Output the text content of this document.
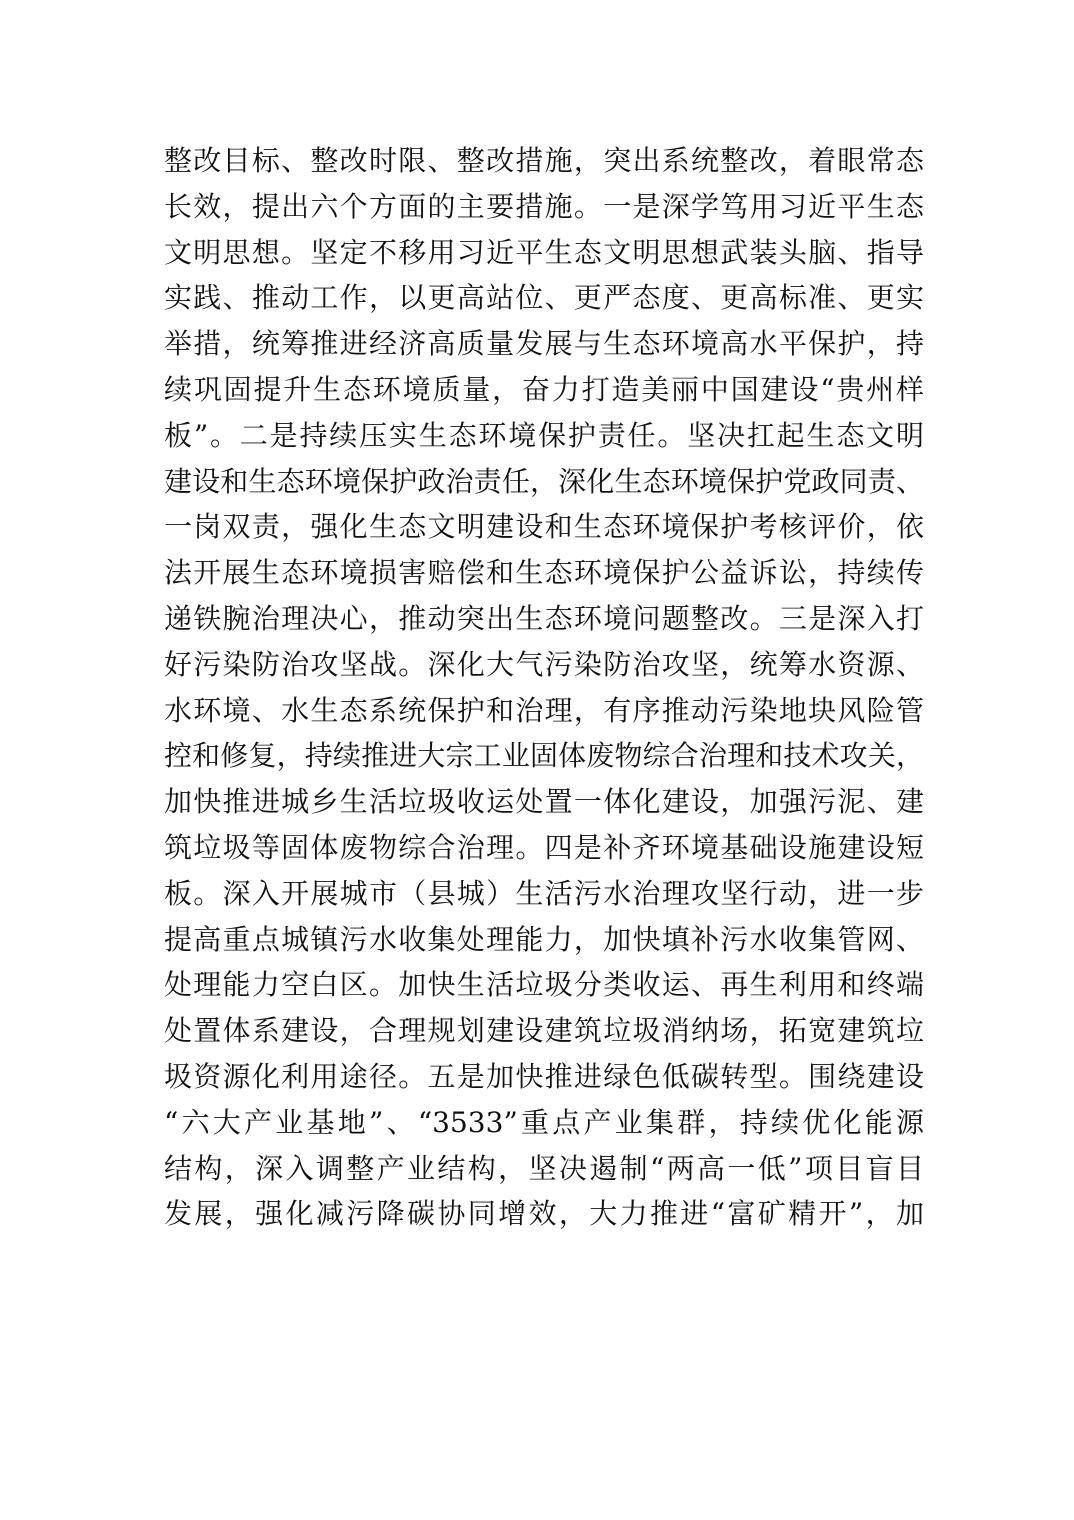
整改目标、整改时限、整改措施，突出系统整改，着眼常态
长效，提出六个方面的主要措施。一是深学笃用习近平生态
文明思想。坚定不移用习近平生态文明思想武装头脑、指导
实践、推动工作，以更高站位、更严态度、更高标准、更实
举措，统筹推进经济高质量发展与生态环境高水平保护，持
续巩固提升生态环境质量，奋力打造美丽中国建设“贵州样
板”。二是持续压实生态环境保护责任。坚决扛起生态文明
建设和生态环境保护政治责任，深化生态环境保护党政同责、
一岗双责，强化生态文明建设和生态环境保护考核评价，依
法开展生态环境损害赔偿和生态环境保护公益诉讼，持续传
递铁腕治理决心，推动突出生态环境问题整改。三是深入打
好污染防治攻坚战。深化大气污染防治攻坚，统筹水资源、
水环境、水生态系统保护和治理，有序推动污染地块风险管
控和修复，持续推进大宗工业固体废物综合治理和技术攻关，
加快推进城乡生活垃圾收运处置一体化建设，加强污泥、建
筑垃圾等固体废物综合治理。四是补齐环境基础设施建设短
板。深入开展城市（县城）生活污水治理攻坚行动，进一步
提高重点城镇污水收集处理能力，加快填补污水收集管网、
处理能力空白区。加快生活垃圾分类收运、再生利用和终端
处置体系建设，合理规划建设建筑垃圾消纳场，拓宽建筑垃
圾资源化利用途径。五是加快推进绿色低碳转型。围绕建设
“六大产业基地”、“3533”重点产业集群，持续优化能源
结构，深入调整产业结构，坚决遏制“两高一低”项目盲目
发展，强化减污降碳协同增效，大力推进“富矿精开”，加
